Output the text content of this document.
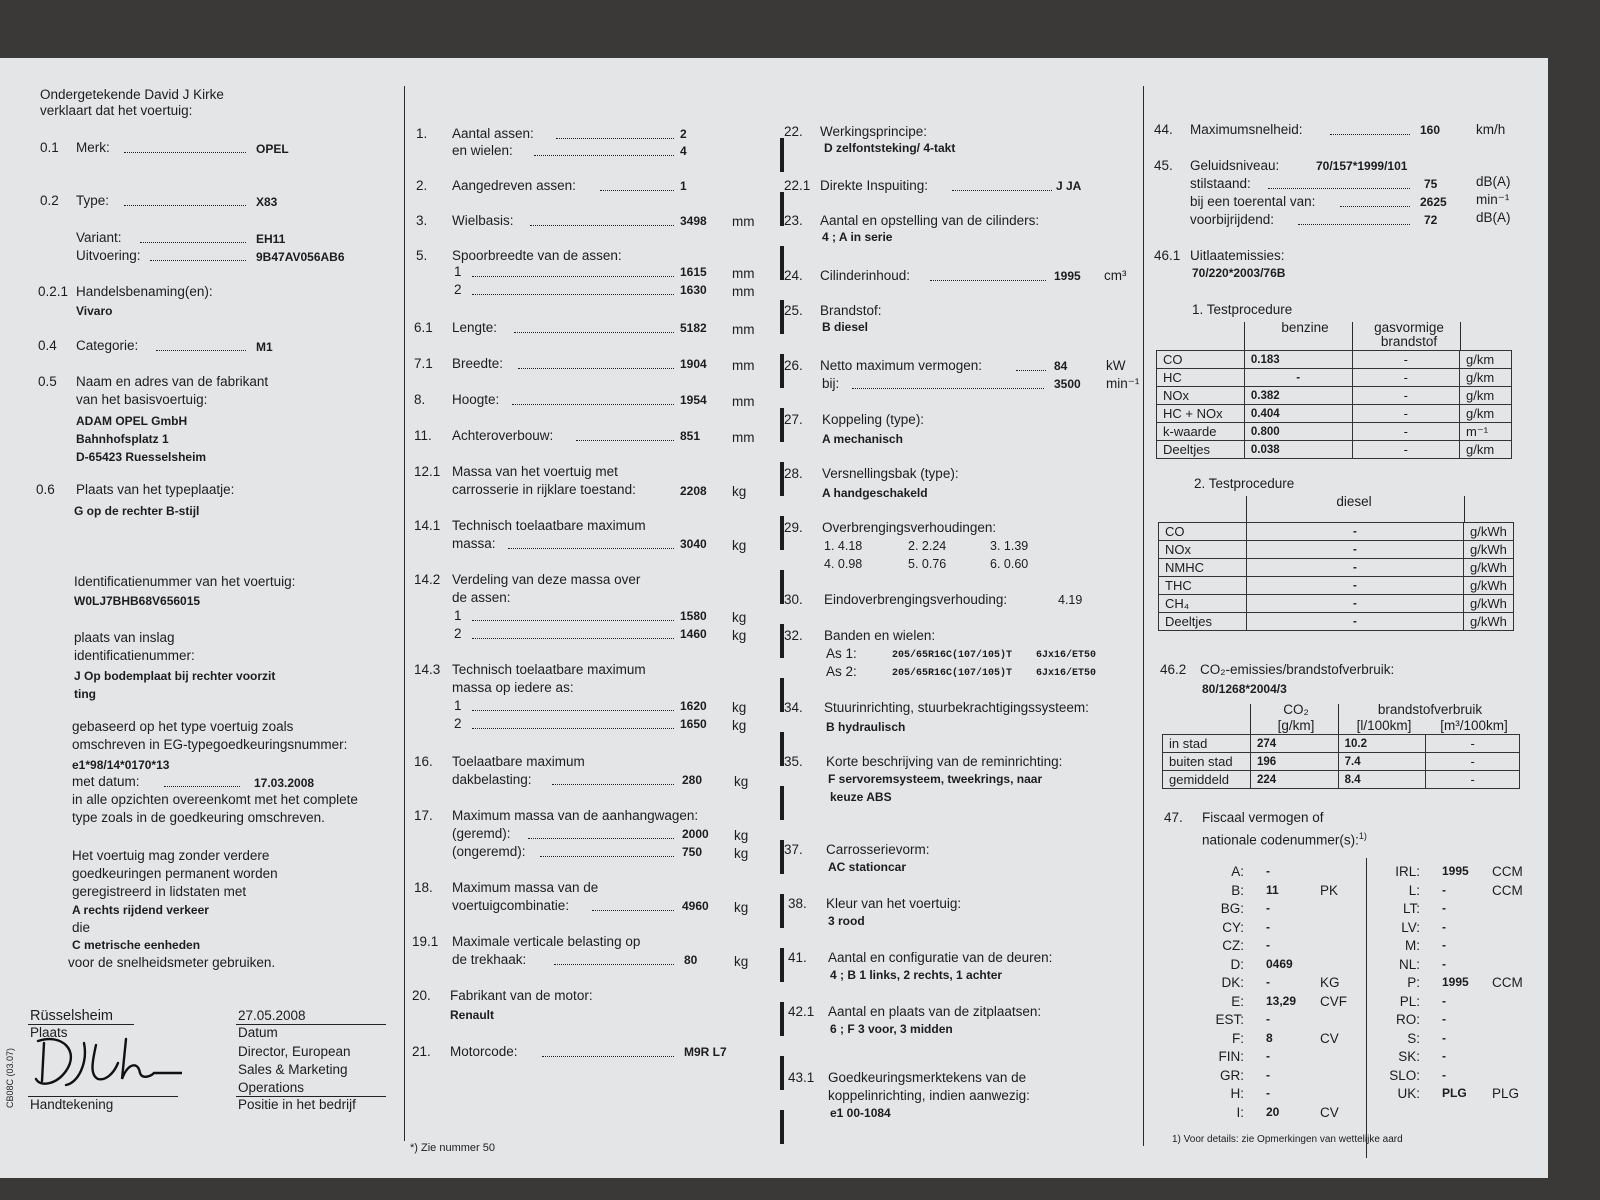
Ondergetekende David J Kirke
verklaart dat het voertuig:
0.1 Merk:	OPEL
0.2 Type:	X83
Variant:	EH11
Uitvoering:	9B47AV056AB6
0.2.1 Handelsbenaming(en):
Vivaro
0.4 Categorie:	M1
0.5 Naam en adres van de fabrikant
van het basisvoertuig:
ADAM OPEL GmbH
Bahnhofsplatz 1
D-65423 Ruesselsheim
0.6 Plaats van het typeplaatje:
G op de rechter B-stijl
Identificatienummer van het voertuig:
W0LJ7BHB68V656015
plaats van inslag
identificatienummer:
J Op bodemplaat bij rechter voorzit
ting
gebaseerd op het type voertuig zoals
omschreven in EG-typegoedkeuringsnummer:
e1*98/14*0170*13
met datum:	17.03.2008
in alle opzichten overeenkomt met het complete
type zoals in de goedkeuring omschreven.
Het voertuig mag zonder verdere
goedkeuringen permanent worden
geregistreerd in lidstaten met
A rechts rijdend verkeer
die
C metrische eenheden
voor de snelheidsmeter gebruiken.
Rüsselsheim
Plaats
27.05.2008
Datum
Director, European
Sales & Marketing
Operations
Positie in het bedrijf
Handtekening
CB08C (03.07)
1. Aantal assen:	2
en wielen:	4
2. Aangedreven assen:	1
3. Wielbasis:	3498 mm
5. Spoorbreedte van de assen:
1	1615 mm
2	1630 mm
6.1 Lengte:	5182 mm
7.1 Breedte:	1904 mm
8. Hoogte:	1954 mm
11. Achteroverbouw:	851 mm
12.1 Massa van het voertuig met
carrosserie in rijklare toestand:	2208 kg
14.1 Technisch toelaatbare maximum
massa:	3040 kg
14.2 Verdeling van deze massa over
de assen:
1	1580 kg
2	1460 kg
14.3 Technisch toelaatbare maximum
massa op iedere as:
1	1620 kg
2	1650 kg
16. Toelaatbare maximum
dakbelasting:	280 kg
17. Maximum massa van de aanhangwagen:
(geremd):	2000 kg
(ongeremd):	750 kg
18. Maximum massa van de
voertuigcombinatie:	4960 kg
19.1 Maximale verticale belasting op
de trekhaak:	80	kg
20. Fabrikant van de motor:
Renault
21. Motorcode:	M9R L7
*) Zie nummer 50
22. Werkingsprincipe:
D zelfontsteking/ 4-takt
22.1 Direkte Inspuiting:	J JA
23. Aantal en opstelling van de cilinders:
4 ; A in serie
24. Cilinderinhoud:	1995 cm³
25. Brandstof:
B diesel
26. Netto maximum vermogen:	84	kW
bij:	3500 min⁻¹
27. Koppeling (type):
A mechanisch
28. Versnellingsbak (type):
A handgeschakeld
29. Overbrengingsverhoudingen:
1. 4.18	2. 2.24	3. 1.39
4. 0.98	5. 0.76	6. 0.60
30. Eindoverbrengingsverhouding:	4.19
32. Banden en wielen:
As 1:	205/65R16C(107/105)T 6Jx16/ET50
As 2:	205/65R16C(107/105)T 6Jx16/ET50
34. Stuurinrichting, stuurbekrachtigingssysteem:
B hydraulisch
35. Korte beschrijving van de reminrichting:
F servoremsysteem, tweekrings, naar
keuze ABS
37. Carrosserievorm:
AC stationcar
38. Kleur van het voertuig:
3 rood
41. Aantal en configuratie van de deuren:
4 ; B 1 links, 2 rechts, 1 achter
42.1 Aantal en plaats van de zitplaatsen:
6 ; F 3 voor, 3 midden
43.1 Goedkeuringsmerktekens van de
koppelinrichting, indien aanwezig:
e1 00-1084
44. Maximumsnelheid:	160	km/h
45. Geluidsniveau:	70/157*1999/101
stilstaand:	75	dB(A)
bij een toerental van:	2625 min⁻¹
voorbijrijdend:	72	dB(A)
46.1 Uitlaatemissies:
70/220*2003/76B
1. Testprocedure
benzine	gasvormige
brandstof
CO	0.183	-	g/km
HC	-	-	g/km
NOx	0.382	-	g/km
HC + NOx	0.404	-	g/km
k-waarde	0.800	-	m⁻¹
Deeltjes	0.038	-	g/km
2. Testprocedure
diesel
CO	-	g/kWh
NOx	-	g/kWh
NMHC	-	g/kWh
THC	-	g/kWh
CH₄	-	g/kWh
Deeltjes	-	g/kWh
46.2 CO₂-emissies/brandstofverbruik:
80/1268*2004/3
CO₂
[g/km]
brandstofverbruik
[l/100km]	[m³/100km]
in stad	274	10.2	-
buiten stad	196	7.4	-
gemiddeld	224	8.4	-
47. Fiscaal vermogen of
nationale codenummer(s):$^{1)}$
A: -
B: 11	PK
BG: -
CY: -
CZ: -
D: 0469
DK: -	KG
E: 13,29 CVF
EST: -
F: 8	CV
FIN: -
GR: -
H: -
I: 20	CV
IRL: 1995 CCM
L: -	CCM
LT: -
LV: -
M: -
NL: -
P: 1995 CCM
PL: -
RO: -
S: -
SK: -
SLO: -
UK: PLG PLG
1) Voor details: zie Opmerkingen van wettelijke aard
